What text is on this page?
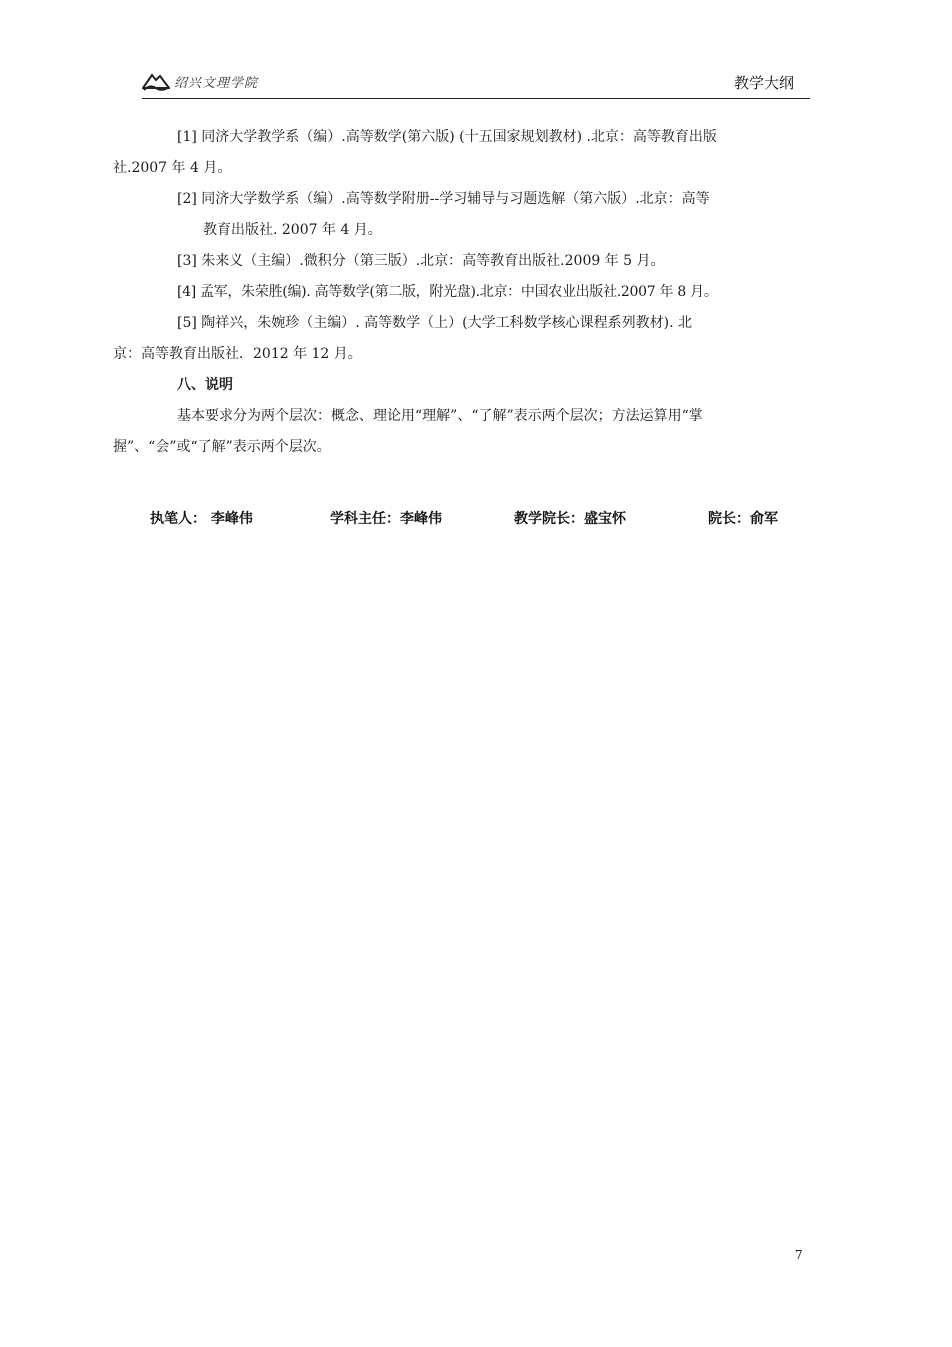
绍兴文理学院	教学大纲

[1] 同济大学教学系（编）.高等数学(第六版) (十五国家规划教材) .北京：高等教育出版
社.2007 年 4 月。

[2] 同济大学数学系（编）.高等数学附册--学习辅导与习题选解（第六版）.北京：高等
教育出版社. 2007 年 4 月。

[3] 朱来义（主编）.微积分（第三版）.北京：高等教育出版社.2009 年 5 月。

[4] 孟军，朱荣胜(编). 高等数学(第二版，附光盘).北京：中国农业出版社.2007 年 8 月。

[5] 陶祥兴，朱婉珍（主编）. 高等数学（上）(大学工科数学核心课程系列教材). 北
京：高等教育出版社．2012 年 12 月。

八、说明

基本要求分为两个层次：概念、理论用“理解”、“了解”表示两个层次；方法运算用“掌
握”、“会”或“了解”表示两个层次。

执笔人： 李峰伟	学科主任：李峰伟	教学院长：盛宝怀	院长：俞军
7
